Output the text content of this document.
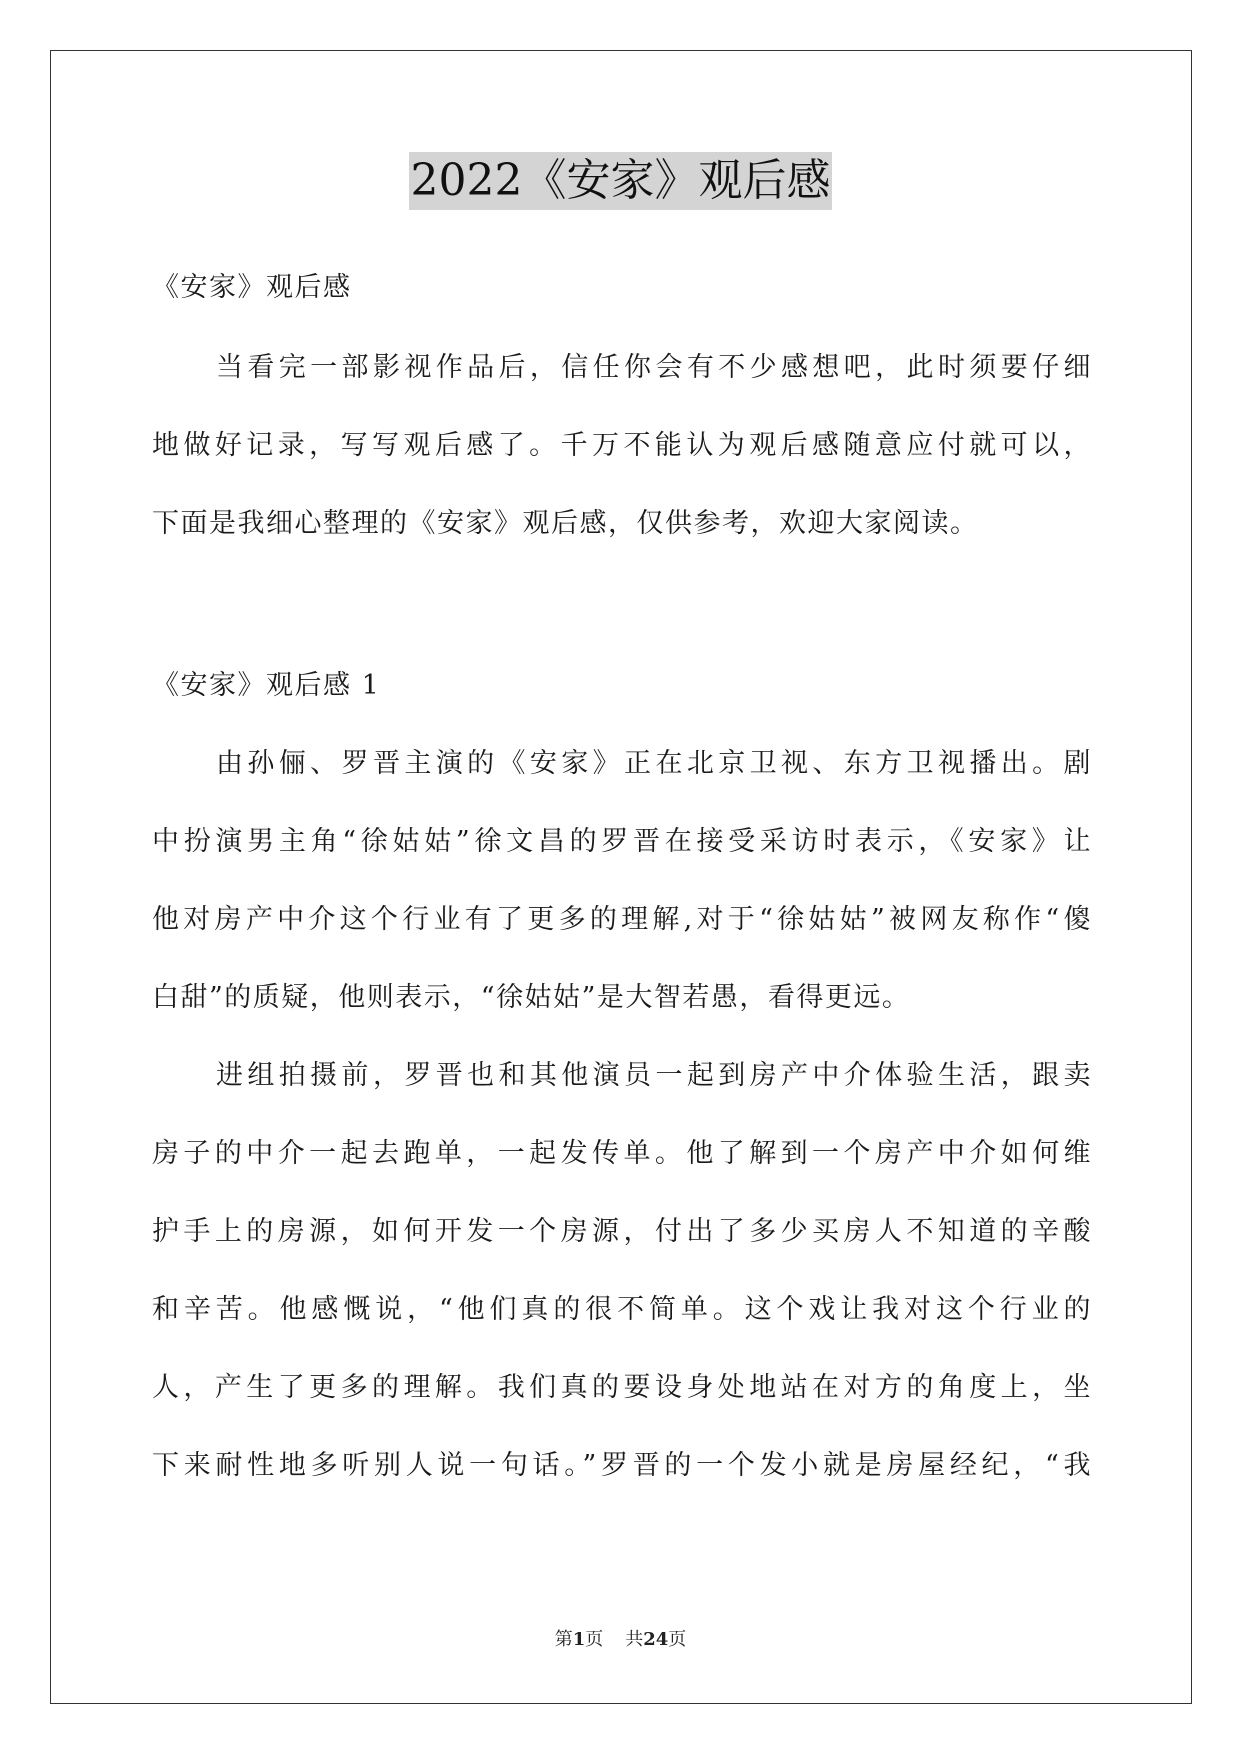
2022《安家》观后感
《安家》观后感
当看完一部影视作品后，信任你会有不少感想吧，此时须要仔细
地做好记录，写写观后感了。千万不能认为观后感随意应付就可以，
下面是我细心整理的《安家》观后感，仅供参考，欢迎大家阅读。
《安家》观后感 1
由孙俪、罗晋主演的《安家》正在北京卫视、东方卫视播出。剧
中扮演男主角“徐姑姑”徐文昌的罗晋在接受采访时表示，《安家》让
他对房产中介这个行业有了更多的理解,对于“徐姑姑”被网友称作“傻
白甜”的质疑，他则表示，“徐姑姑”是大智若愚，看得更远。
进组拍摄前，罗晋也和其他演员一起到房产中介体验生活，跟卖
房子的中介一起去跑单，一起发传单。他了解到一个房产中介如何维
护手上的房源，如何开发一个房源，付出了多少买房人不知道的辛酸
和辛苦。他感慨说，“他们真的很不简单。这个戏让我对这个行业的
人，产生了更多的理解。我们真的要设身处地站在对方的角度上，坐
下来耐性地多听别人说一句话。”罗晋的一个发小就是房屋经纪，“我
第1页 共24页
